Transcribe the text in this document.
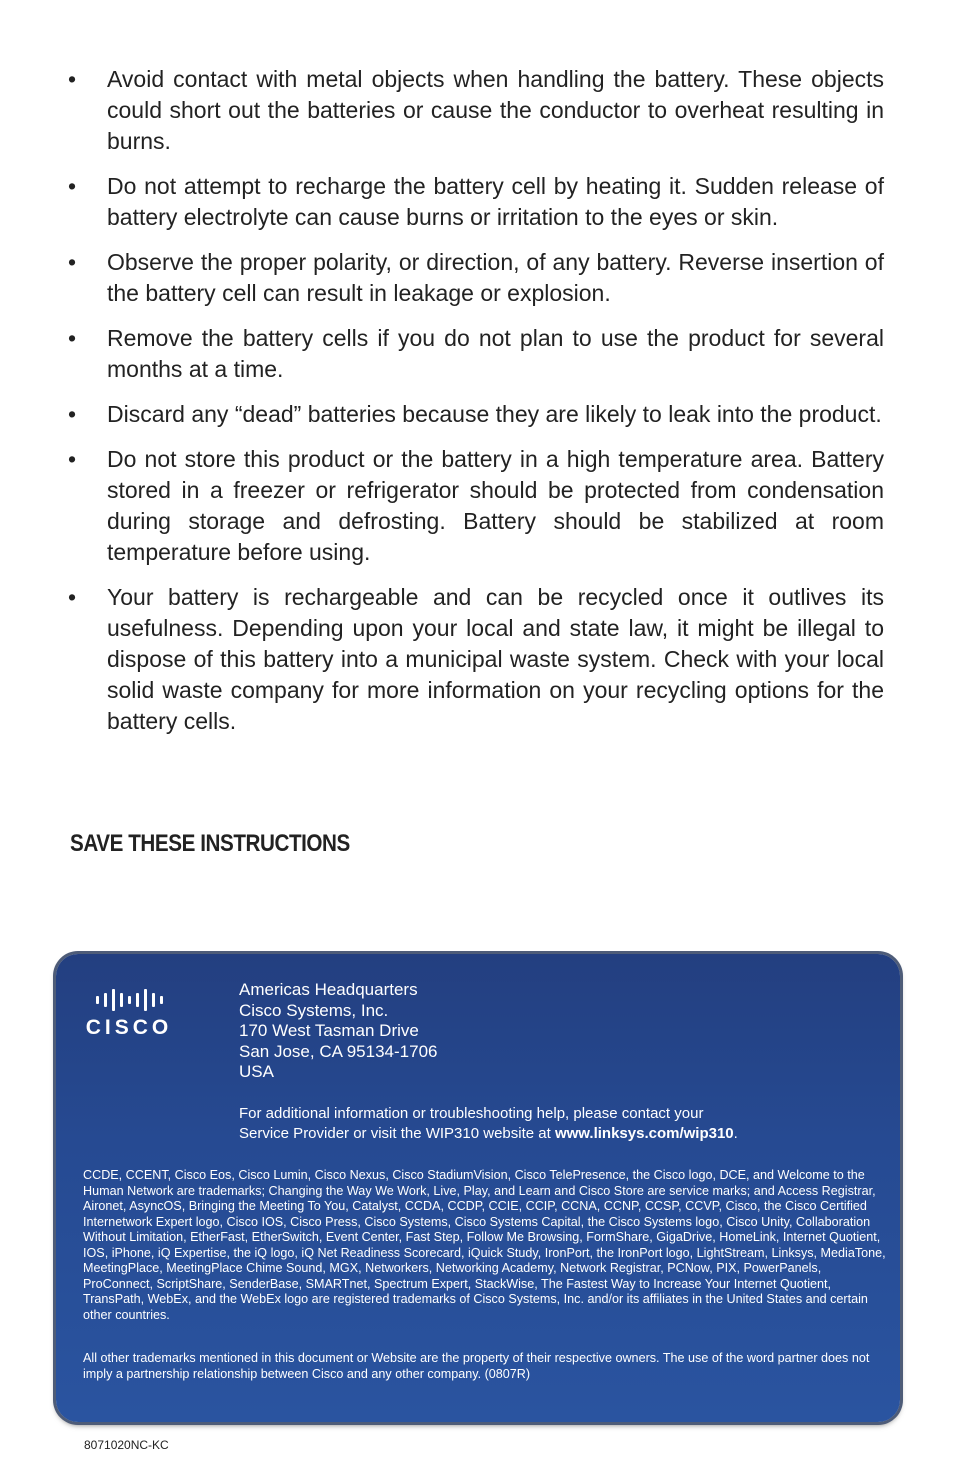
• Avoid contact with metal objects when handling the battery. These objects could short out the batteries or cause the conductor to overheat resulting in burns.
• Do not attempt to recharge the battery cell by heating it. Sudden release of battery electrolyte can cause burns or irritation to the eyes or skin.
• Observe the proper polarity, or direction, of any battery. Reverse insertion of the battery cell can result in leakage or explosion.
• Remove the battery cells if you do not plan to use the product for several months at a time.
• Discard any “dead” batteries because they are likely to leak into the product.
• Do not store this product or the battery in a high temperature area. Battery stored in a freezer or refrigerator should be protected from condensation during storage and defrosting. Battery should be stabilized at room temperature before using.
• Your battery is rechargeable and can be recycled once it outlives its usefulness. Depending upon your local and state law, it might be illegal to dispose of this battery into a municipal waste system. Check with your local solid waste company for more information on your recycling options for the battery cells.
SAVE THESE INSTRUCTIONS
CISCO
Americas Headquarters
Cisco Systems, Inc.
170 West Tasman Drive
San Jose, CA 95134-1706
USA
For additional information or troubleshooting help, please contact your
Service Provider or visit the WIP310 website at www.linksys.com/wip310.
CCDE, CCENT, Cisco Eos, Cisco Lumin, Cisco Nexus, Cisco StadiumVision, Cisco TelePresence, the Cisco logo, DCE, and Welcome to the Human Network are trademarks; Changing the Way We Work, Live, Play, and Learn and Cisco Store are service marks; and Access Registrar, Aironet, AsyncOS, Bringing the Meeting To You, Catalyst, CCDA, CCDP, CCIE, CCIP, CCNA, CCNP, CCSP, CCVP, Cisco, the Cisco Certified Internetwork Expert logo, Cisco IOS, Cisco Press, Cisco Systems, Cisco Systems Capital, the Cisco Systems logo, Cisco Unity, Collaboration Without Limitation, EtherFast, EtherSwitch, Event Center, Fast Step, Follow Me Browsing, FormShare, GigaDrive, HomeLink, Internet Quotient, IOS, iPhone, iQ Expertise, the iQ logo, iQ Net Readiness Scorecard, iQuick Study, IronPort, the IronPort logo, LightStream, Linksys, MediaTone, MeetingPlace, MeetingPlace Chime Sound, MGX, Networkers, Networking Academy, Network Registrar, PCNow, PIX, PowerPanels, ProConnect, ScriptShare, SenderBase, SMARTnet, Spectrum Expert, StackWise, The Fastest Way to Increase Your Internet Quotient, TransPath, WebEx, and the WebEx logo are registered trademarks of Cisco Systems, Inc. and/or its affiliates in the United States and certain other countries.
All other trademarks mentioned in this document or Website are the property of their respective owners. The use of the word partner does not imply a partnership relationship between Cisco and any other company. (0807R)
8071020NC-KC
